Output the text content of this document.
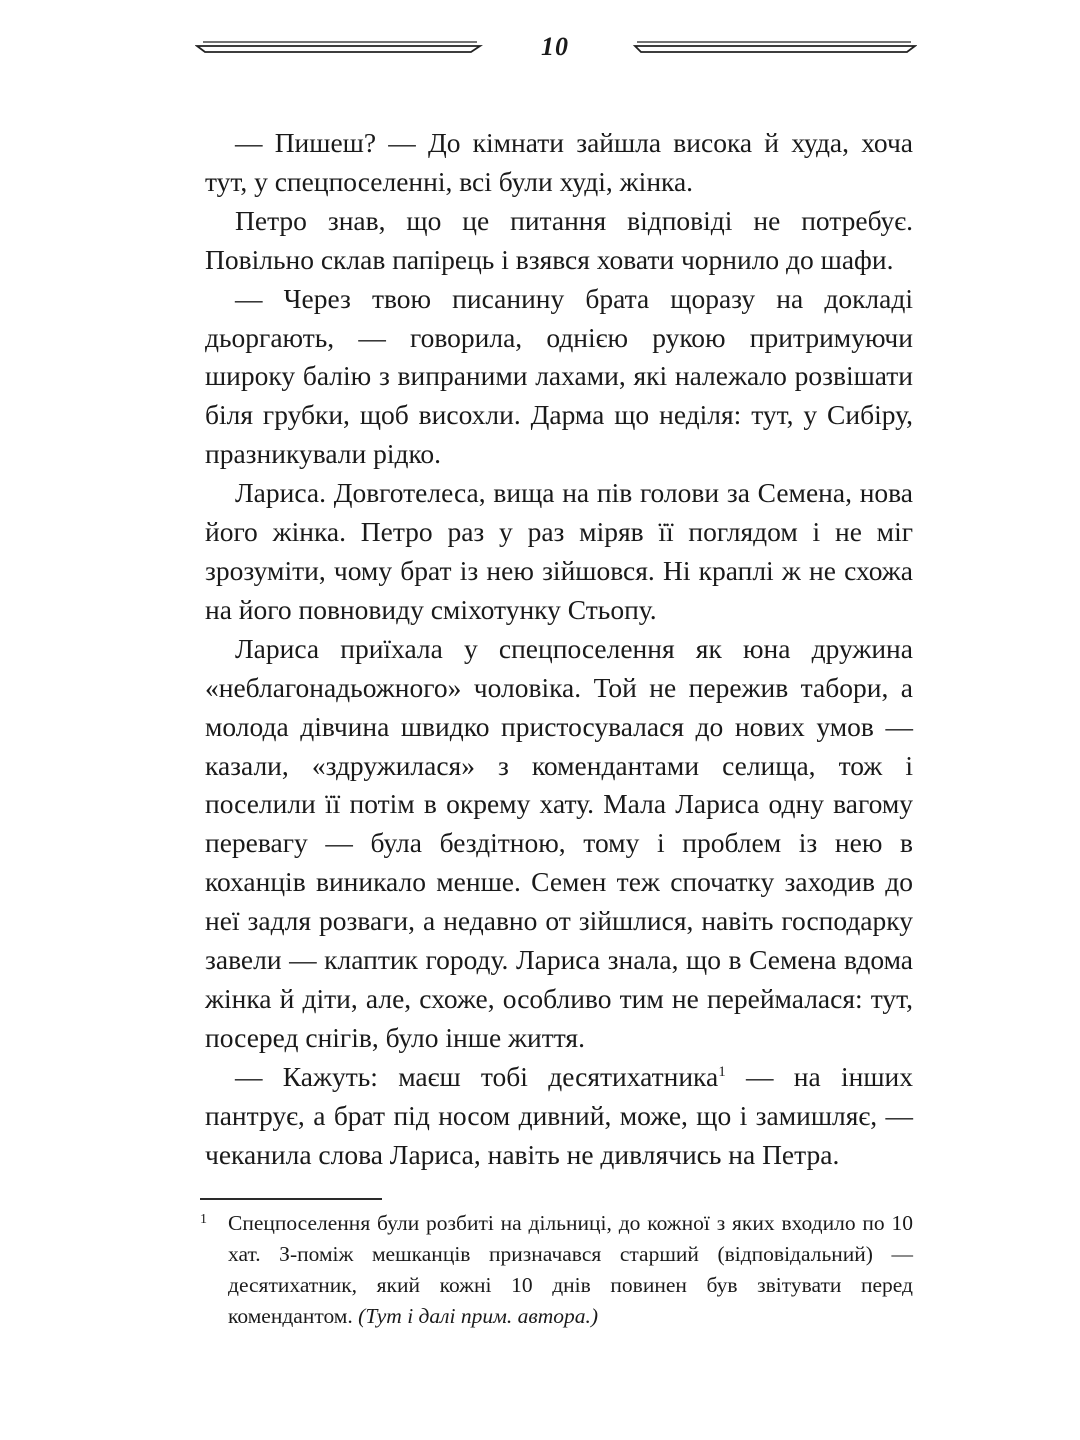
10

— Пишеш? — До кімнати зайшла висока й худа, хоча тут, у спецпоселенні, всі були худі, жінка.

Петро знав, що це питання відповіді не потребує. Повільно склав папірець і взявся ховати чорнило до шафи.

— Через твою писанину брата щоразу на докладі дьоргають, — говорила, однією рукою притримуючи широку балію з випраними лахами, які належало розвішати біля грубки, щоб висохли. Дарма що неділя: тут, у Сибіру, празникували рідко.

Лариса. Довготелеса, вища на пів голови за Семена, нова його жінка. Петро раз у раз міряв її поглядом і не міг зрозуміти, чому брат із нею зійшовся. Ні краплі ж не схожа на його повновиду сміхотунку Стьопу.

Лариса приїхала у спецпоселення як юна дружина «неблагонадьожного» чоловіка. Той не пережив табори, а молода дівчина швидко пристосувалася до нових умов — казали, «здружилася» з комендантами селища, тож і поселили її потім в окрему хату. Мала Лариса одну вагому перевагу — була бездітною, тому і проблем із нею в коханців виникало менше. Семен теж спочатку заходив до неї задля розваги, а недавно от зійшлися, навіть господарку завели — клаптик городу. Лариса знала, що в Семена вдома жінка й діти, але, схоже, особливо тим не переймалася: тут, посеред снігів, було інше життя.

— Кажуть: маєш тобі десятихатника$^1$ — на інших пантрує, а брат під носом дивний, може, що і замишляє, — чеканила слова Лариса, навіть не дивлячись на Петра.

1 Спецпоселення були розбиті на дільниці, до кожної з яких входило по 10 хат. З-поміж мешканців призначався старший (відповідальний) — десятихатник, який кожні 10 днів повинен був звітувати перед комендантом. (Тут і далі прим. автора.)
